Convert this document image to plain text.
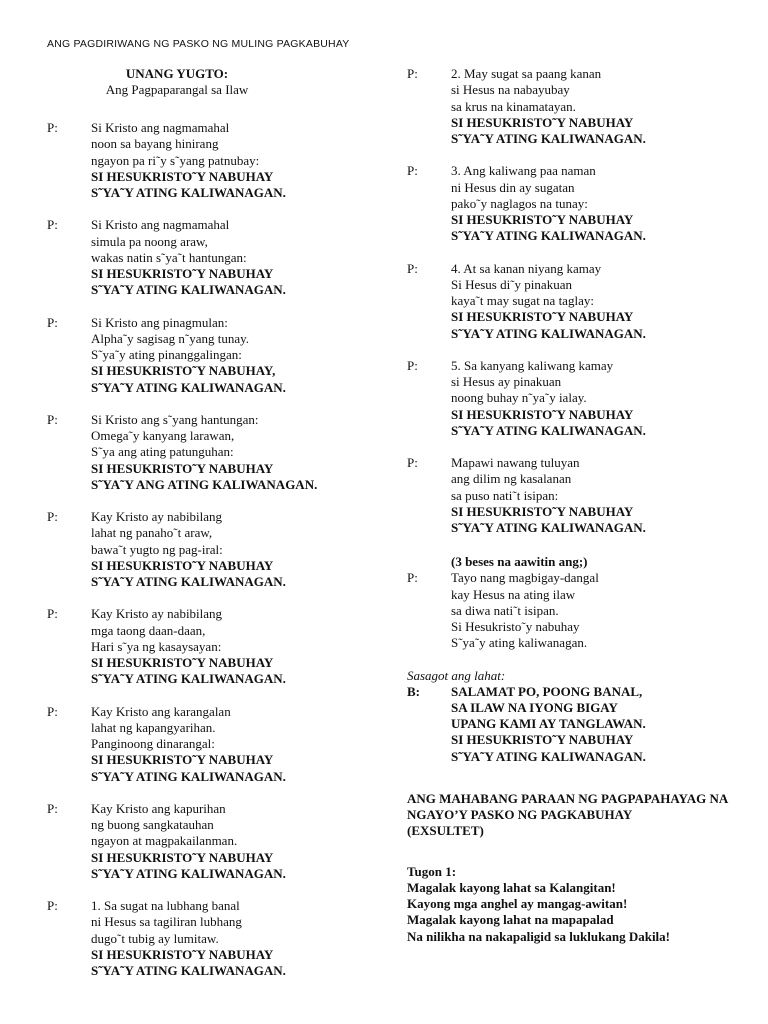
ANG PAGDIRIWANG NG PASKO NG MULING PAGKABUHAY
UNANG YUGTO:
Ang Pagpaparangal sa Ilaw
P:	Si Kristo ang nagmamahal
noon sa bayang hinirang
ngayon pa ri˜y s˜yang patnubay:
SI HESUKRISTO˜Y NABUHAY
S˜YA˜Y ATING KALIWANAGAN.
P:	Si Kristo ang nagmamahal
simula pa noong araw,
wakas natin s˜ya˜t hantungan:
SI HESUKRISTO˜Y NABUHAY
S˜YA˜Y ATING KALIWANAGAN.
P:	Si Kristo ang pinagmulan:
Alpha˜y sagisag n˜yang tunay.
S˜ya˜y ating pinanggalingan:
SI HESUKRISTO˜Y NABUHAY,
S˜YA˜Y ATING KALIWANAGAN.
P:	Si Kristo ang s˜yang hantungan:
Omega˜y kanyang larawan,
S˜ya ang ating patunguhan:
SI HESUKRISTO˜Y NABUHAY
S˜YA˜Y ANG ATING KALIWANAGAN.
P:	Kay Kristo ay nabibilang
lahat ng panaho˜t araw,
bawa˜t yugto ng pag-iral:
SI HESUKRISTO˜Y NABUHAY
S˜YA˜Y ATING KALIWANAGAN.
P:	Kay Kristo ay nabibilang
mga taong daan-daan,
Hari s˜ya ng kasaysayan:
SI HESUKRISTO˜Y NABUHAY
S˜YA˜Y ATING KALIWANAGAN.
P:	Kay Kristo ang karangalan
lahat ng kapangyarihan.
Panginoong dinarangal:
SI HESUKRISTO˜Y NABUHAY
S˜YA˜Y ATING KALIWANAGAN.
P:	Kay Kristo ang kapurihan
ng buong sangkatauhan
ngayon at magpakailanman.
SI HESUKRISTO˜Y NABUHAY
S˜YA˜Y ATING KALIWANAGAN.
P:	1. Sa sugat na lubhang banal
ni Hesus sa tagiliran lubhang
dugo˜t tubig ay lumitaw.
SI HESUKRISTO˜Y NABUHAY
S˜YA˜Y ATING KALIWANAGAN.
P:	2. May sugat sa paang kanan
si Hesus na nabayubay
sa krus na kinamatayan.
SI HESUKRISTO˜Y NABUHAY
S˜YA˜Y ATING KALIWANAGAN.
P:	3. Ang kaliwang paa naman
ni Hesus din ay sugatan
pako˜y naglagos na tunay:
SI HESUKRISTO˜Y NABUHAY
S˜YA˜Y ATING KALIWANAGAN.
P:	4. At sa kanan niyang kamay
Si Hesus di˜y pinakuan
kaya˜t may sugat na taglay:
SI HESUKRISTO˜Y NABUHAY
S˜YA˜Y ATING KALIWANAGAN.
P:	5. Sa kanyang kaliwang kamay
si Hesus ay pinakuan
noong buhay n˜ya˜y ialay.
SI HESUKRISTO˜Y NABUHAY
S˜YA˜Y ATING KALIWANAGAN.
P:	Mapawi nawang tuluyan
ang dilim ng kasalanan
sa puso nati˜t isipan:
SI HESUKRISTO˜Y NABUHAY
S˜YA˜Y ATING KALIWANAGAN.
(3 beses na aawitin ang;)
P:	Tayo nang magbigay-dangal
kay Hesus na ating ilaw
sa diwa nati˜t isipan.
Si Hesukristo˜y nabuhay
S˜ya˜y ating kaliwanagan.
Sasagot ang lahat:
B: SALAMAT PO, POONG BANAL,
SA ILAW NA IYONG BIGAY
UPANG KAMI AY TANGLAWAN.
SI HESUKRISTO˜Y NABUHAY
S˜YA˜Y ATING KALIWANAGAN.
ANG MAHABANG PARAAN NG PAGPAPAHAYAG NA
NGAYO’Y PASKO NG PAGKABUHAY
(EXSULTET)
Tugon 1:
Magalak kayong lahat sa Kalangitan!
Kayong mga anghel ay mangag-awitan!
Magalak kayong lahat na mapapalad
Na nilikha na nakapaligid sa luklukang Dakila!
